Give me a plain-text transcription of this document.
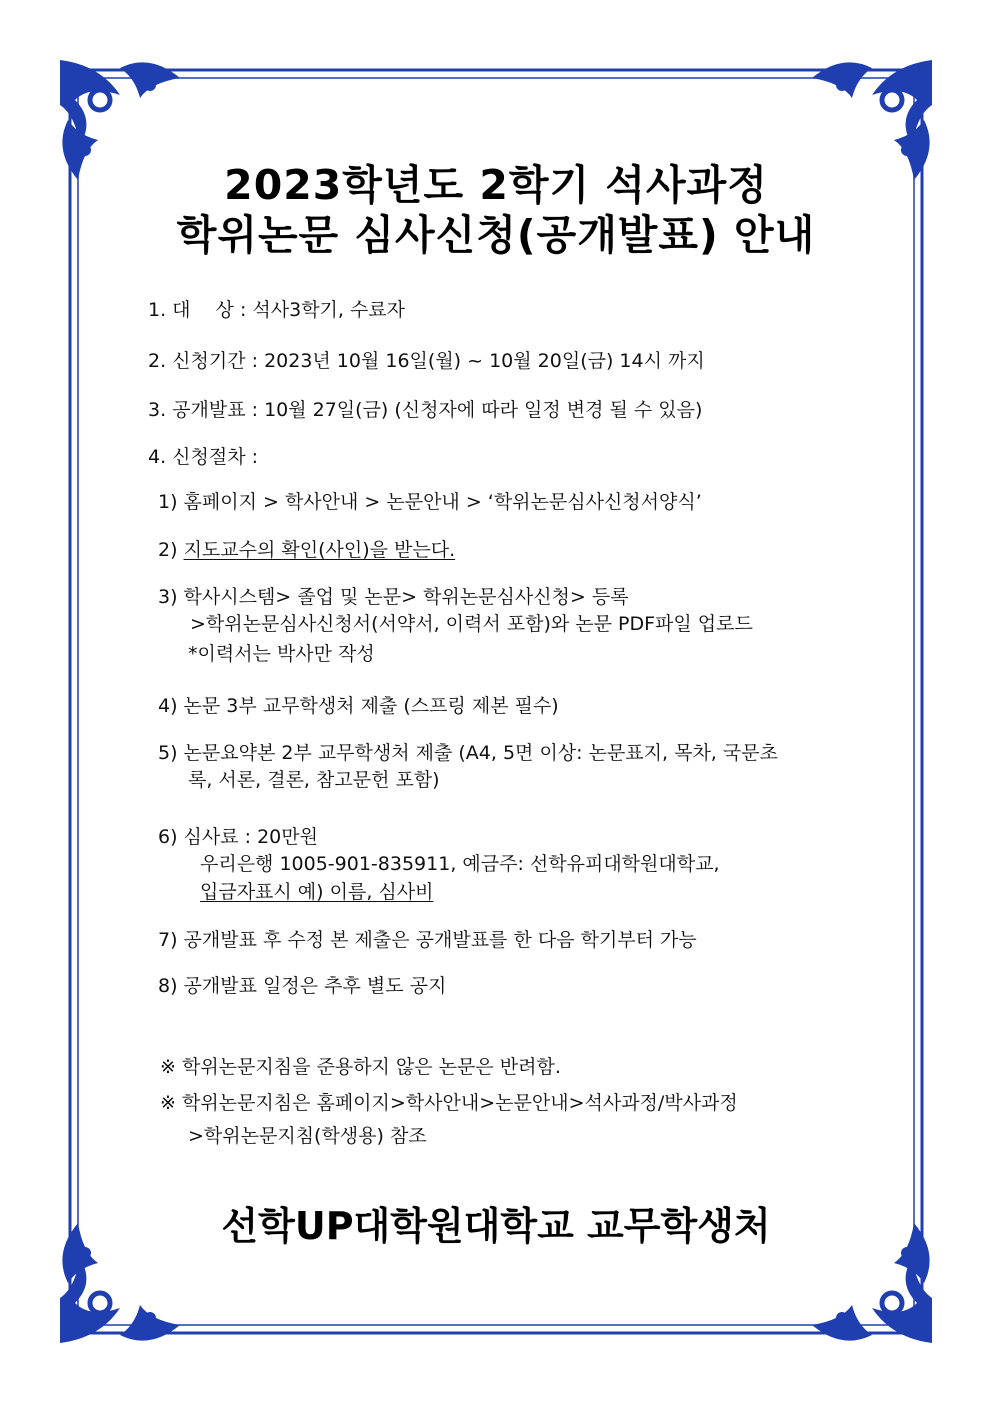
2023학년도 2학기 석사과정
학위논문 심사신청(공개발표) 안내
1. 대 　상 : 석사3학기, 수료자
2. 신청기간 : 2023년 10월 16일(월) ~ 10월 20일(금) 14시 까지
3. 공개발표 : 10월 27일(금) (신청자에 따라 일정 변경 될 수 있음)
4. 신청절차 :
1) 홈페이지 > 학사안내 > 논문안내 > ‘학위논문심사신청서양식’
2) 지도교수의 확인(사인)을 받는다.
3) 학사시스템> 졸업 및 논문> 학위논문심사신청> 등록
>학위논문심사신청서(서약서, 이력서 포함)와 논문 PDF파일 업로드
*이력서는 박사만 작성
4) 논문 3부 교무학생처 제출 (스프링 제본 필수)
5) 논문요약본 2부 교무학생처 제출 (A4, 5면 이상: 논문표지, 목차, 국문초
록, 서론, 결론, 참고문헌 포함)
6) 심사료 : 20만원
우리은행 1005-901-835911, 예금주: 선학유피대학원대학교,
입금자표시 예) 이름, 심사비
7) 공개발표 후 수정 본 제출은 공개발표를 한 다음 학기부터 가능
8) 공개발표 일정은 추후 별도 공지
※ 학위논문지침을 준용하지 않은 논문은 반려함.
※ 학위논문지침은 홈페이지>학사안내>논문안내>석사과정/박사과정
>학위논문지침(학생용) 참조
선학UP대학원대학교 교무학생처
